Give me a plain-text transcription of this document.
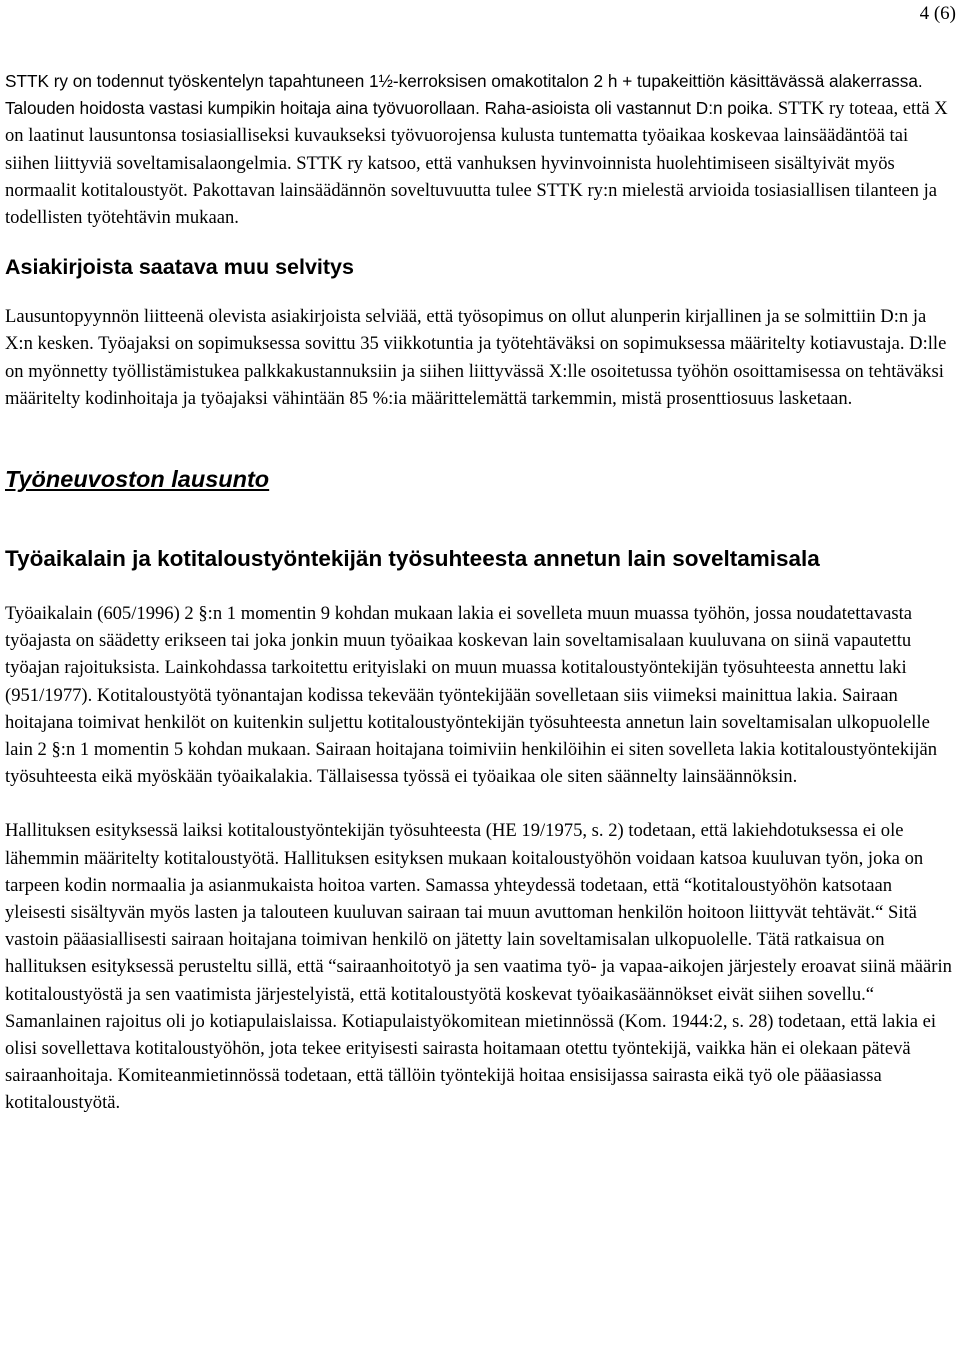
4 (6)

STTK ry on todennut työskentelyn tapahtuneen 1½-kerroksisen omakotitalon 2 h + tupakeittiön käsittävässä alakerrassa. Talouden hoidosta vastasi kumpikin hoitaja aina työvuorollaan. Raha-asioista oli vastannut D:n poika. STTK ry toteaa, että X on laatinut lausuntonsa tosiasialliseksi kuvaukseksi työvuorojensa kulusta tuntematta työaikaa koskevaa lainsäädäntöä tai siihen liittyviä soveltamisalaongelmia. STTK ry katsoo, että vanhuksen hyvinvoinnista huolehtimiseen sisältyivät myös normaalit kotitaloustyöt. Pakottavan lainsäädännön soveltuvuutta tulee STTK ry:n mielestä arvioida tosiasiallisen tilanteen ja todellisten työtehtävin mukaan.

Asiakirjoista saatava muu selvitys

Lausuntopyynnön liitteenä olevista asiakirjoista selviää, että työsopimus on ollut alunperin kirjallinen ja se solmittiin D:n ja X:n kesken. Työajaksi on sopimuksessa sovittu 35 viikkotuntia ja työtehtäväksi on sopimuksessa määritelty kotiavustaja. D:lle on myönnetty työllistämistukea palkkakustannuksiin ja siihen liittyvässä X:lle osoitetussa työhön osoittamisessa on tehtäväksi määritelty kodinhoitaja ja työajaksi vähintään 85 %:ia määrittelemättä tarkemmin, mistä prosenttiosuus lasketaan.

Työneuvoston lausunto
Työaikalain ja kotitaloustyöntekijän työsuhteesta annetun lain soveltamisala

Työaikalain (605/1996) 2 §:n 1 momentin 9 kohdan mukaan lakia ei sovelleta muun muassa työhön, jossa noudatettavasta työajasta on säädetty erikseen tai joka jonkin muun työaikaa koskevan lain soveltamisalaan kuuluvana on siinä vapautettu työajan rajoituksista. Lainkohdassa tarkoitettu erityislaki on muun muassa kotitaloustyöntekijän työsuhteesta annettu laki (951/1977). Kotitaloustyötä työnantajan kodissa tekevään työntekijään sovelletaan siis viimeksi mainittua lakia. Sairaan hoitajana toimivat henkilöt on kuitenkin suljettu kotitaloustyöntekijän työsuhteesta annetun lain soveltamisalan ulkopuolelle lain 2 §:n 1 momentin 5 kohdan mukaan. Sairaan hoitajana toimiviin henkilöihin ei siten sovelleta lakia kotitaloustyöntekijän työsuhteesta eikä myöskään työaikalakia. Tällaisessa työssä ei työaikaa ole siten säännelty lainsäännöksin.

Hallituksen esityksessä laiksi kotitaloustyöntekijän työsuhteesta (HE 19/1975, s. 2) todetaan, että lakiehdotuksessa ei ole lähemmin määritelty kotitaloustyötä. Hallituksen esityksen mukaan koitaloustyöhön voidaan katsoa kuuluvan työn, joka on tarpeen kodin normaalia ja asianmukaista hoitoa varten. Samassa yhteydessä todetaan, että “kotitaloustyöhön katsotaan yleisesti sisältyvän myös lasten ja talouteen kuuluvan sairaan tai muun avuttoman henkilön hoitoon liittyvät tehtävät.“ Sitä vastoin pääasiallisesti sairaan hoitajana toimivan henkilö on jätetty lain soveltamisalan ulkopuolelle. Tätä ratkaisua on hallituksen esityksessä perusteltu sillä, että “sairaanhoitotyö ja sen vaatima työ- ja vapaa-aikojen järjestely eroavat siinä määrin kotitaloustyöstä ja sen vaatimista järjestelyistä, että kotitaloustyötä koskevat työaikasäännökset eivät siihen sovellu.“ Samanlainen rajoitus oli jo kotiapulaislaissa. Kotiapulaistyökomitean mietinnössä (Kom. 1944:2, s. 28) todetaan, että lakia ei olisi sovellettava kotitaloustyöhön, jota tekee erityisesti sairasta hoitamaan otettu työntekijä, vaikka hän ei olekaan pätevä sairaanhoitaja. Komiteanmietinnössä todetaan, että tällöin työntekijä hoitaa ensisijassa sairasta eikä työ ole pääasiassa kotitaloustyötä.
